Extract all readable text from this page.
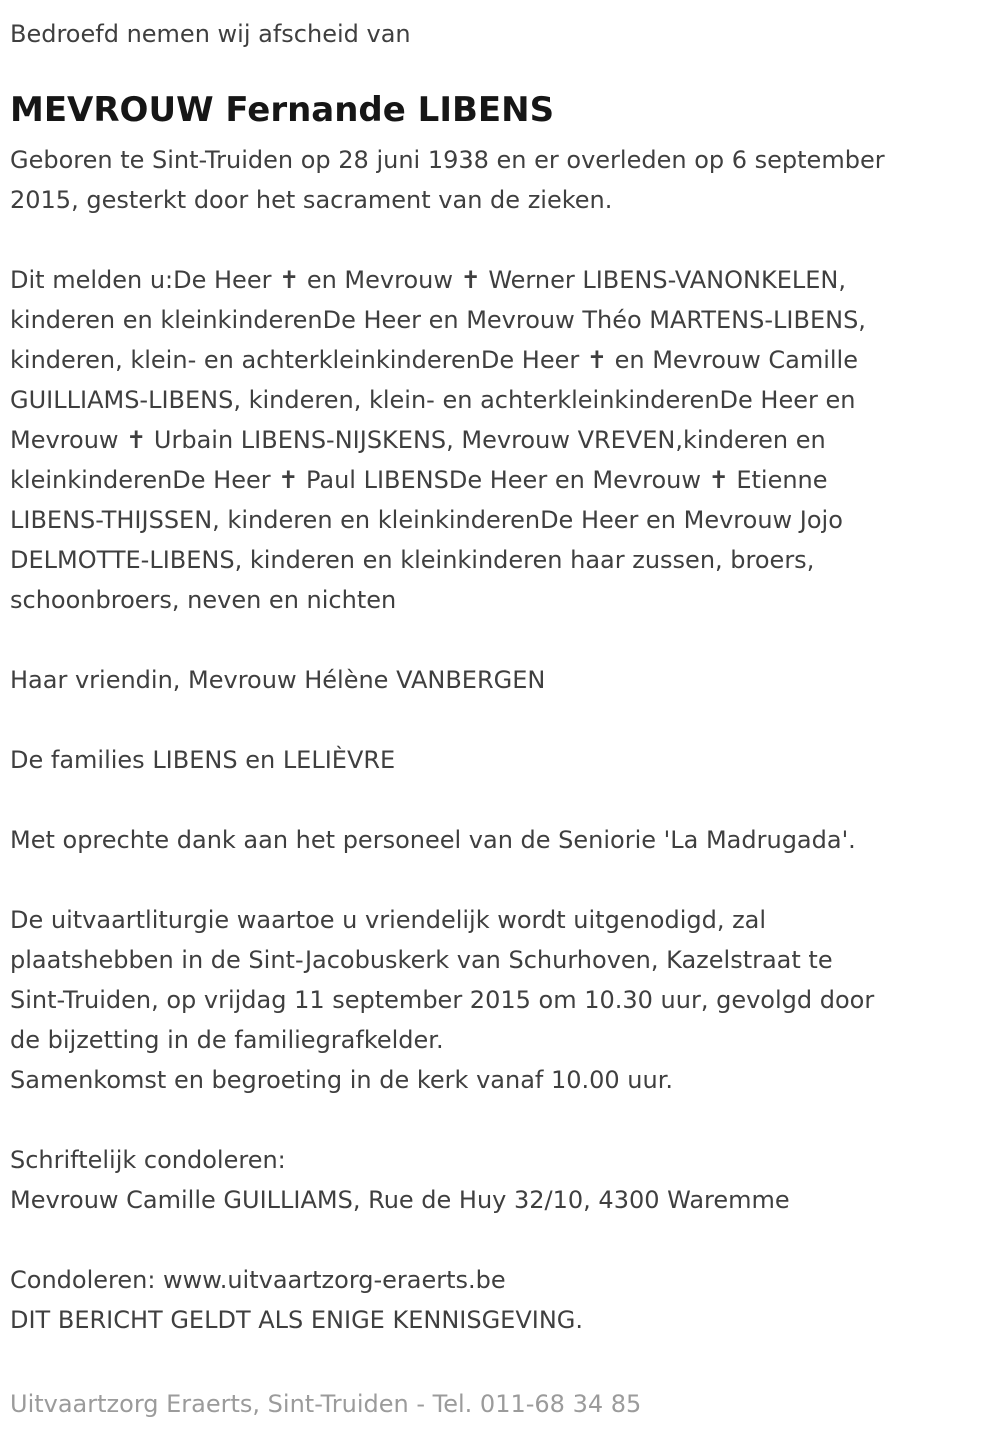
Bedroefd nemen wij afscheid van
MEVROUW Fernande LIBENS
Geboren te Sint-Truiden op 28 juni 1938 en er overleden op 6 september
2015, gesterkt door het sacrament van de zieken.
Dit melden u:De Heer ✝ en Mevrouw ✝ Werner LIBENS-VANONKELEN,
kinderen en kleinkinderenDe Heer en Mevrouw Théo MARTENS-LIBENS,
kinderen, klein- en achterkleinkinderenDe Heer ✝ en Mevrouw Camille
GUILLIAMS-LIBENS, kinderen, klein- en achterkleinkinderenDe Heer en
Mevrouw ✝ Urbain LIBENS-NIJSKENS, Mevrouw VREVEN,kinderen en
kleinkinderenDe Heer ✝ Paul LIBENSDe Heer en Mevrouw ✝ Etienne
LIBENS-THIJSSEN, kinderen en kleinkinderenDe Heer en Mevrouw Jojo
DELMOTTE-LIBENS, kinderen en kleinkinderen haar zussen, broers,
schoonbroers, neven en nichten
Haar vriendin, Mevrouw Hélène VANBERGEN
De families LIBENS en LELIÈVRE
Met oprechte dank aan het personeel van de Seniorie 'La Madrugada'.
De uitvaartliturgie waartoe u vriendelijk wordt uitgenodigd, zal
plaatshebben in de Sint-Jacobuskerk van Schurhoven, Kazelstraat te
Sint-Truiden, op vrijdag 11 september 2015 om 10.30 uur, gevolgd door
de bijzetting in de familiegrafkelder.
Samenkomst en begroeting in de kerk vanaf 10.00 uur.
Schriftelijk condoleren:
Mevrouw Camille GUILLIAMS, Rue de Huy 32/10, 4300 Waremme
Condoleren: www.uitvaartzorg-eraerts.be
DIT BERICHT GELDT ALS ENIGE KENNISGEVING.
Uitvaartzorg Eraerts, Sint-Truiden - Tel. 011-68 34 85
